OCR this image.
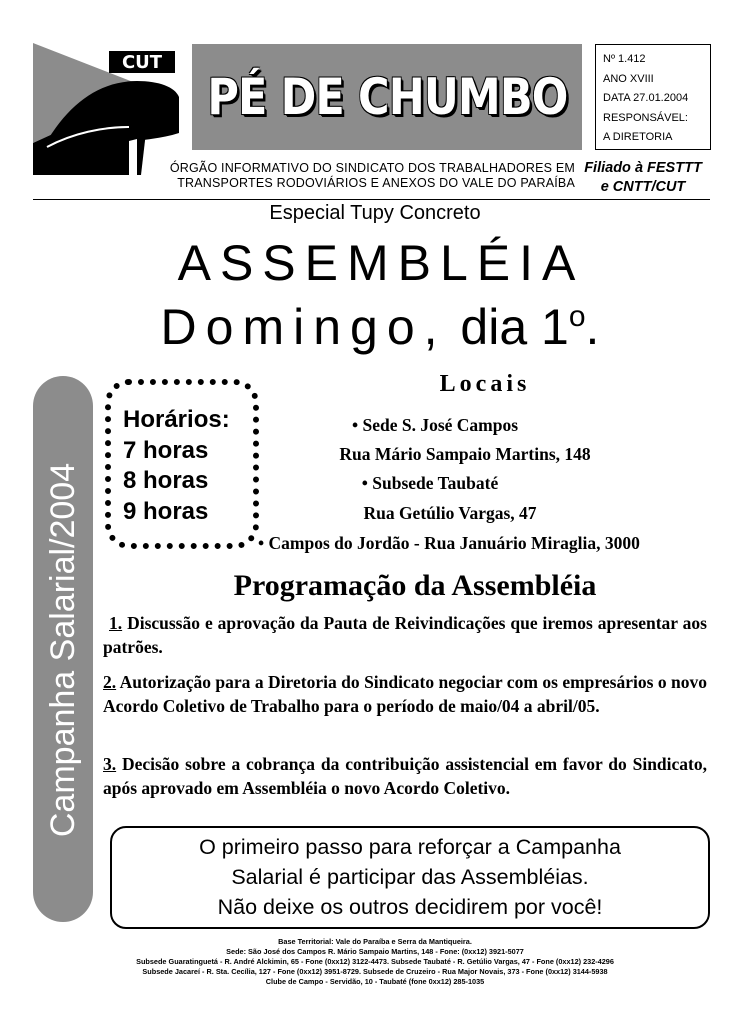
CUT
PÉ DE CHUMBO
Nº 1.412
ANO XVIII
DATA 27.01.2004
RESPONSÁVEL:
A DIRETORIA
ÓRGÃO INFORMATIVO DO SINDICATO DOS TRABALHADORES EM
TRANSPORTES RODOVIÁRIOS E ANEXOS DO VALE DO PARAÍBA
Filiado à FESTTT
e CNTT/CUT
Especial Tupy Concreto
ASSEMBLÉIA
Domingo, dia 1$^o$.
Campanha Salarial/2004
Horários:
7 horas
8 horas
9 horas
Locais
• Sede S. José Campos
Rua Mário Sampaio Martins, 148
• Subsede Taubaté
Rua Getúlio Vargas, 47
• Campos do Jordão - Rua Januário Miraglia, 3000
Programação da Assembléia
1. Discussão e aprovação da Pauta de Reivindicações que iremos apresentar aos patrões.
2. Autorização para a Diretoria do Sindicato negociar com os empresários o novo Acordo Coletivo de Trabalho para o período de maio/04 a abril/05.
3. Decisão sobre a cobrança da contribuição assistencial em favor do Sindicato, após aprovado em Assembléia o novo Acordo Coletivo.
O primeiro passo para reforçar a Campanha
Salarial é participar das Assembléias.
Não deixe os outros decidirem por você!
Base Territorial: Vale do Paraíba e Serra da Mantiqueira.
Sede: São José dos Campos R. Mário Sampaio Martins, 148 - Fone: (0xx12) 3921-5077
Subsede Guaratinguetá - R. André Alckimin, 65 - Fone (0xx12) 3122-4473. Subsede Taubaté - R. Getúlio Vargas, 47 - Fone (0xx12) 232-4296
Subsede Jacareí - R. Sta. Cecília, 127 - Fone (0xx12) 3951-8729. Subsede de Cruzeiro - Rua Major Novais, 373 - Fone (0xx12) 3144-5938
Clube de Campo - Servidão, 10 - Taubaté (fone 0xx12) 285-1035
